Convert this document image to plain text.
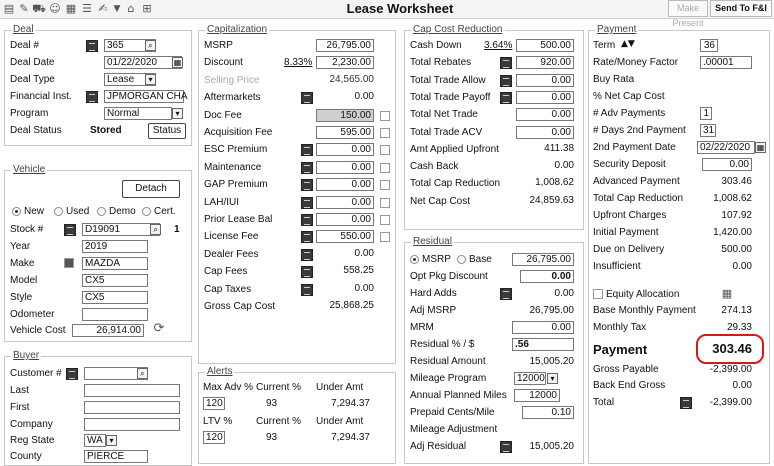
▤ ✎ ⛟ ☺ ▦ ☰ ✍ ▼ ⌂ ⊞	Lease Worksheet	Make Present
Send To F&I
Deal
Deal #	365	⌕
Deal Date	01/22/2020	▦
Deal Type	Lease	▾
Financial Inst.	JPMORGAN CHA
Program	Normal	▾
Deal Status	Stored	Status
Vehicle
Detach
New Used Demo Cert.
Stock #	D19091	⌕	1
Year	2019
Make	MAZDA
Model	CX5
Style	CX5
Odometer
Vehicle Cost	26,914.00 ⟳
Buyer
Customer #	⌕
Last
First
Company
Reg State	WA ▾
County	PIERCE
Capitalization
MSRP	26,795.00
Discount	8.33%	2,230.00
Selling Price	24,565.00
Aftermarkets	0.00
Doc Fee	150.00
Acquisition Fee	595.00
ESC Premium	0.00
Maintenance	0.00
GAP Premium	0.00
LAH/IUI	0.00
Prior Lease Bal	0.00
License Fee	550.00
Dealer Fees	0.00
Cap Fees	558.25
Cap Taxes	0.00
Gross Cap Cost	25,868.25
Alerts
Max Adv % Current % Under Amt
120	93	7,294.37
LTV % Current % Under Amt
120	93	7,294.37
Cap Cost Reduction
Cash Down 3.64%	500.00
Total Rebates	920.00
Total Trade Allow	0.00
Total Trade Payoff	0.00
Total Net Trade	0.00
Total Trade ACV	0.00
Amt Applied Upfront	411.38
Cash Back	0.00
Total Cap Reduction	1,008.62
Net Cap Cost	24,859.63
Residual
MSRP Base	26,795.00
Opt Pkg Discount	0.00
Hard Adds	0.00
Adj MSRP	26,795.00
MRM	0.00
Residual % / $	.56
Residual Amount	15,005.20
Mileage Program	12000 ▾
Annual Planned Miles	12000
Prepaid Cents/Mile	0.10
Mileage Adjustment
Adj Residual	15,005.20
Payment
Term ▲▼	36
Rate/Money Factor	.00001
Buy Rata
% Net Cap Cost
# Adv Payments	1
# Days 2nd Payment	31
2nd Payment Date	02/22/2020 ▦
Security Deposit	0.00
Advanced Payment	303.46
Total Cap Reduction	1,008.62
Upfront Charges	107.92
Initial Payment	1,420.00
Due on Delivery	500.00
Insufficient	0.00
Equity Allocation	▦
Base Monthly Payment	274.13
Monthly Tax	29.33
Payment	303.46
Gross Payable	-2,399.00
Back End Gross	0.00
Total	-2,399.00
